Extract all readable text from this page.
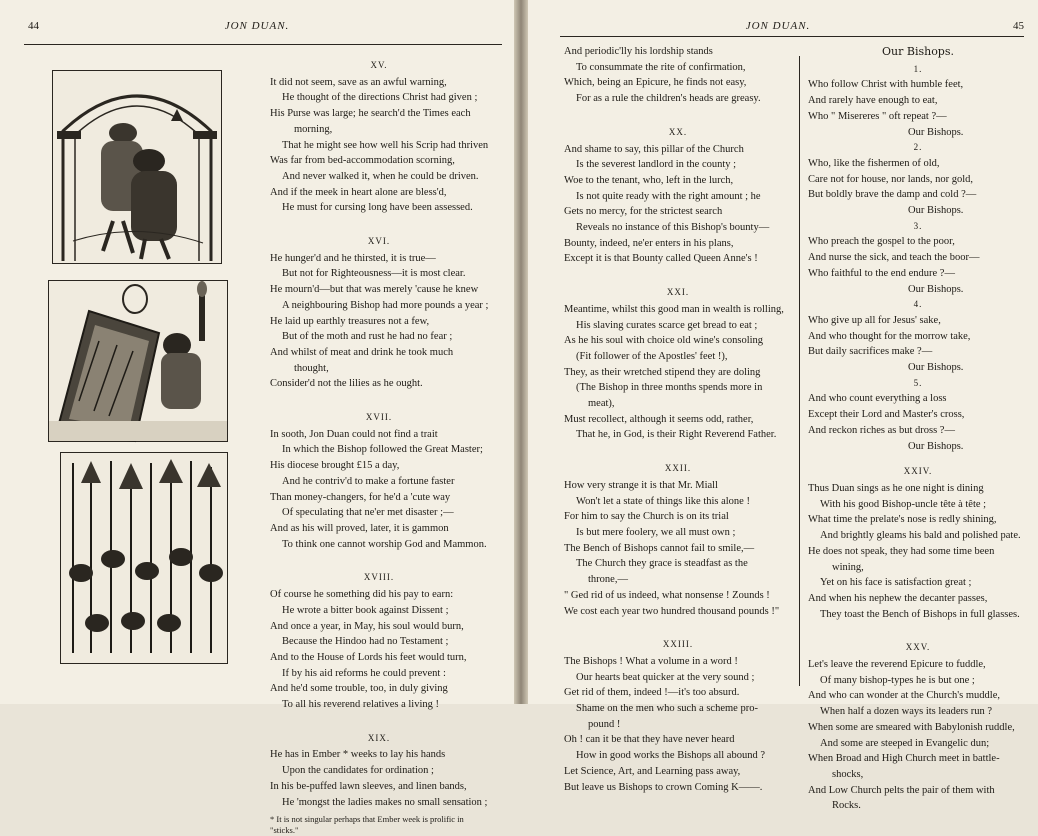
44	JON DUAN.
XV.
It did not seem, save as an awful warning,
He thought of the directions Christ had given ;
His Purse was large; he search'd the Times each
morning,
That he might see how well his Scrip had thriven
Was far from bed-accommodation scorning,
And never walked it, when he could be driven.
And if the meek in heart alone are bless'd,
He must for cursing long have been assessed.
XVI.
He hunger'd and he thirsted, it is true—
But not for Righteousness—it is most clear.
He mourn'd—but that was merely 'cause he knew
A neighbouring Bishop had more pounds a year ;
He laid up earthly treasures not a few,
But of the moth and rust he had no fear ;
And whilst of meat and drink he took much
thought,
Consider'd not the lilies as he ought.
XVII.
In sooth, Jon Duan could not find a trait
In which the Bishop followed the Great Master;
His diocese brought £15 a day,
And he contriv'd to make a fortune faster
Than money-changers, for he'd a 'cute way
Of speculating that ne'er met disaster ;—
And as his will proved, later, it is gammon
To think one cannot worship God and Mammon.
XVIII.
Of course he something did his pay to earn:
He wrote a bitter book against Dissent ;
And once a year, in May, his soul would burn,
Because the Hindoo had no Testament ;
And to the House of Lords his feet would turn,
If by his aid reforms he could prevent :
And he'd some trouble, too, in duly giving
To all his reverend relatives a living !
XIX.
He has in Ember * weeks to lay his hands
Upon the candidates for ordination ;
In his be-puffed lawn sleeves, and linen bands,
He 'mongst the ladies makes no small sensation ;
* It is not singular perhaps that Ember week is prolific in
"sticks."
JON DUAN.	45
And periodic'lly his lordship stands
To consummate the rite of confirmation,
Which, being an Epicure, he finds not easy,
For as a rule the children's heads are greasy.
XX.
And shame to say, this pillar of the Church
Is the severest landlord in the county ;
Woe to the tenant, who, left in the lurch,
Is not quite ready with the right amount ; he
Gets no mercy, for the strictest search
Reveals no instance of this Bishop's bounty—
Bounty, indeed, ne'er enters in his plans,
Except it is that Bounty called Queen Anne's !
XXI.
Meantime, whilst this good man in wealth is rolling,
His slaving curates scarce get bread to eat ;
As he his soul with choice old wine's consoling
(Fit follower of the Apostles' feet !),
They, as their wretched stipend they are doling
(The Bishop in three months spends more in
meat),
Must recollect, although it seems odd, rather,
That he, in God, is their Right Reverend Father.
XXII.
How very strange it is that Mr. Miall
Won't let a state of things like this alone !
For him to say the Church is on its trial
Is but mere foolery, we all must own ;
The Bench of Bishops cannot fail to smile,—
The Church they grace is steadfast as the
throne,—
" Ged rid of us indeed, what nonsense ! Zounds !
We cost each year two hundred thousand pounds !"
XXIII.
The Bishops ! What a volume in a word !
Our hearts beat quicker at the very sound ;
Get rid of them, indeed !—it's too absurd.
Shame on the men who such a scheme pro-
pound !
Oh ! can it be that they have never heard
How in good works the Bishops all abound ?
Let Science, Art, and Learning pass away,
But leave us Bishops to crown Coming K——.
Our Bishops.
1.
Who follow Christ with humble feet,
And rarely have enough to eat,
Who " Misereres " oft repeat ?—
Our Bishops.
2.
Who, like the fishermen of old,
Care not for house, nor lands, nor gold,
But boldly brave the damp and cold ?—
Our Bishops.
3.
Who preach the gospel to the poor,
And nurse the sick, and teach the boor—
Who faithful to the end endure ?—
Our Bishops.
4.
Who give up all for Jesus' sake,
And who thought for the morrow take,
But daily sacrifices make ?—
Our Bishops.
5.
And who count everything a loss
Except their Lord and Master's cross,
And reckon riches as but dross ?—
Our Bishops.
XXIV.
Thus Duan sings as he one night is dining
With his good Bishop-uncle tête à tête ;
What time the prelate's nose is redly shining,
And brightly gleams his bald and polished pate.
He does not speak, they had some time been
wining,
Yet on his face is satisfaction great ;
And when his nephew the decanter passes,
They toast the Bench of Bishops in full glasses.
XXV.
Let's leave the reverend Epicure to fuddle,
Of many bishop-types he is but one ;
And who can wonder at the Church's muddle,
When half a dozen ways its leaders run ?
When some are smeared with Babylonish ruddle,
And some are steeped in Evangelic dun;
When Broad and High Church meet in battle-
shocks,
And Low Church pelts the pair of them with
Rocks.
